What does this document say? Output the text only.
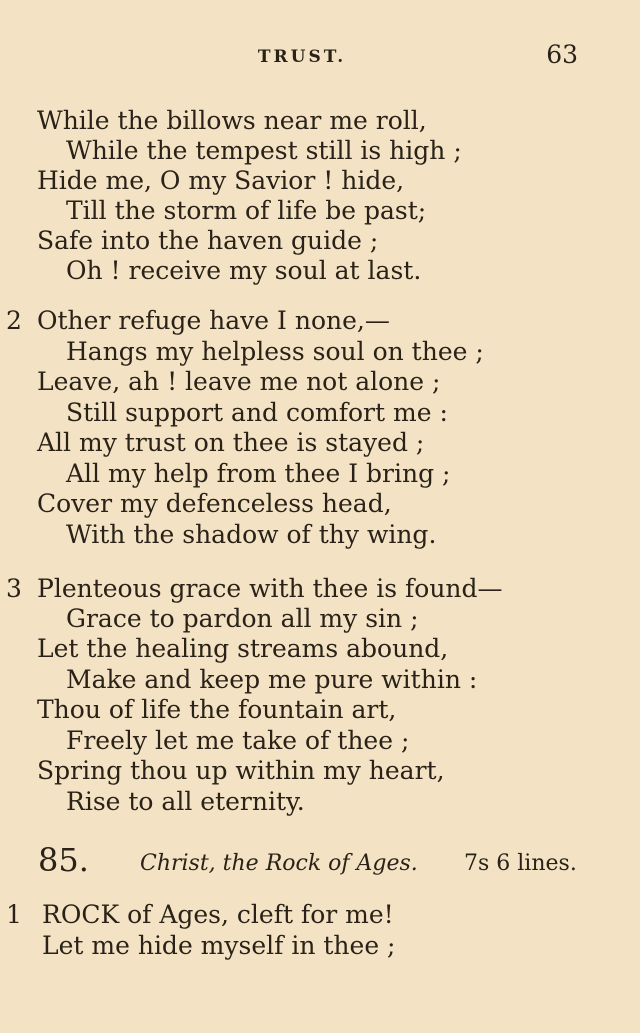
TRUST.	63
While the billows near me roll,
While the tempest still is high ;
Hide me, O my Savior ! hide,
Till the storm of life be past;
Safe into the haven guide ;
Oh ! receive my soul at last.
2 Other refuge have I none,—
Hangs my helpless soul on thee ;
Leave, ah ! leave me not alone ;
Still support and comfort me :
All my trust on thee is stayed ;
All my help from thee I bring ;
Cover my defenceless head,
With the shadow of thy wing.
3 Plenteous grace with thee is found—
Grace to pardon all my sin ;
Let the healing streams abound,
Make and keep me pure within :
Thou of life the fountain art,
Freely let me take of thee ;
Spring thou up within my heart,
Rise to all eternity.
85. Christ, the Rock of Ages. 7s 6 lines.
1 ROCK of Ages, cleft for me!
Let me hide myself in thee ;
